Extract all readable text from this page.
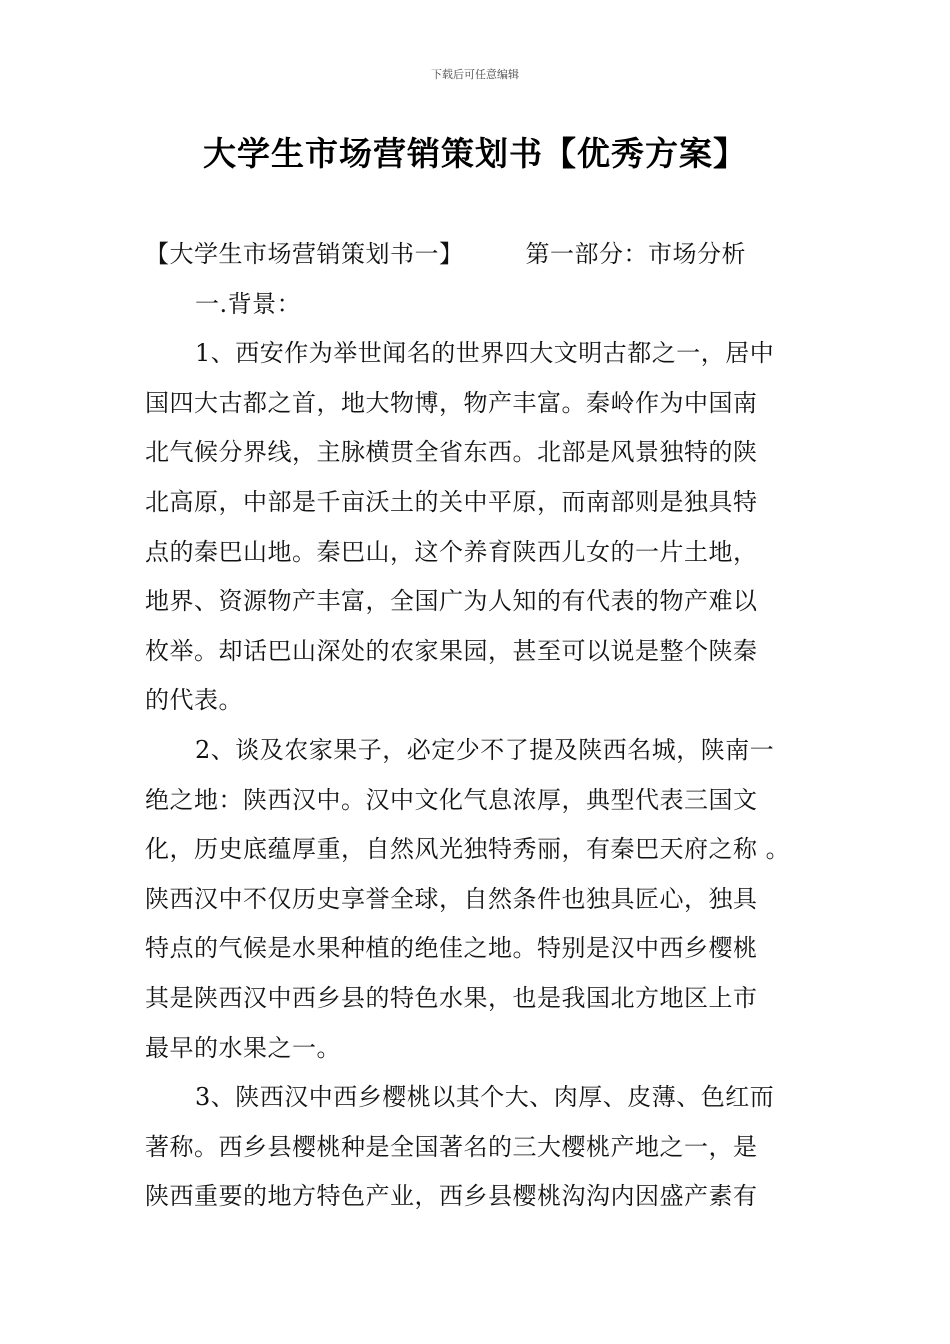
下载后可任意编辑
大学生市场营销策划书【优秀方案】
【大学生市场营销策划书一】	第一部分：市场分析
一.背景：
1、西安作为举世闻名的世界四大文明古都之一，居中
国四大古都之首，地大物博，物产丰富。秦岭作为中国南
北气候分界线，主脉横贯全省东西。北部是风景独特的陕
北高原，中部是千亩沃土的关中平原，而南部则是独具特
点的秦巴山地。秦巴山，这个养育陕西儿女的一片土地，
地界、资源物产丰富，全国广为人知的有代表的物产难以
枚举。却话巴山深处的农家果园，甚至可以说是整个陕秦
的代表。
2、谈及农家果子，必定少不了提及陕西名城，陕南一
绝之地：陕西汉中。汉中文化气息浓厚，典型代表三国文
化，历史底蕴厚重，自然风光独特秀丽，有秦巴天府之称 。
陕西汉中不仅历史享誉全球，自然条件也独具匠心，独具
特点的气候是水果种植的绝佳之地。特别是汉中西乡樱桃
其是陕西汉中西乡县的特色水果，也是我国北方地区上市
最早的水果之一。
3、陕西汉中西乡樱桃以其个大、肉厚、皮薄、色红而
著称。西乡县樱桃种是全国著名的三大樱桃产地之一，是
陕西重要的地方特色产业，西乡县樱桃沟沟内因盛产素有
